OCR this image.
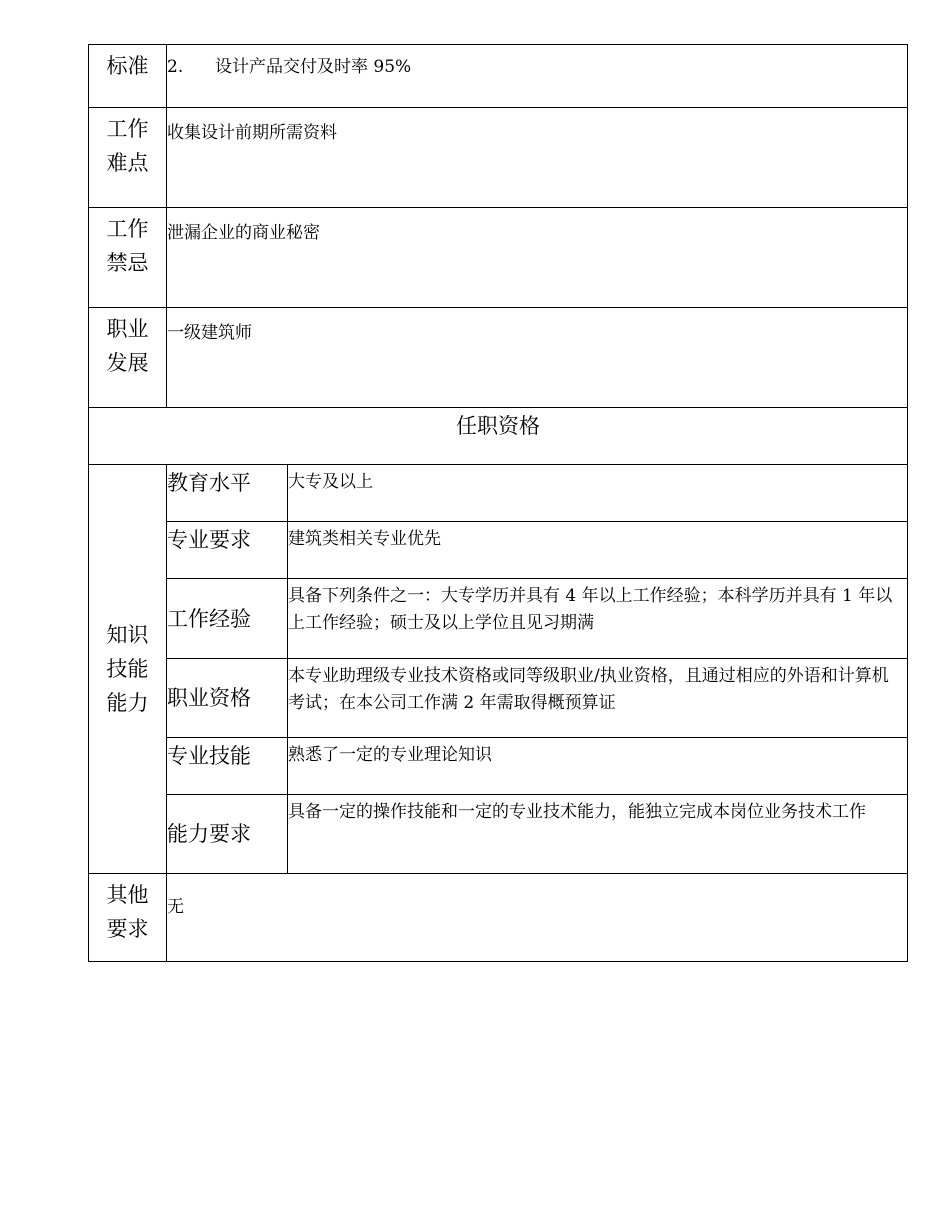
标准	2. 设计产品交付及时率 95%	

工作
难点	收集设计前期所需资料	

工作
禁忌	泄漏企业的商业秘密	

职业
发展	一级建筑师	
任职资格		

知识
技能
能力	教育水平	大专及以上
	专业要求	建筑类相关专业优先
	工作经验	具备下列条件之一：大专学历并具有 4 年以上工作经验；本科学历并具有 1 年以上工作经验；硕士及以上学位且见习期满
	职业资格	本专业助理级专业技术资格或同等级职业/执业资格，且通过相应的外语和计算机考试；在本公司工作满 2 年需取得概预算证
	专业技能	熟悉了一定的专业理论知识
	能力要求	具备一定的操作技能和一定的专业技术能力，能独立完成本岗位业务技术工作

其他
要求	无	
